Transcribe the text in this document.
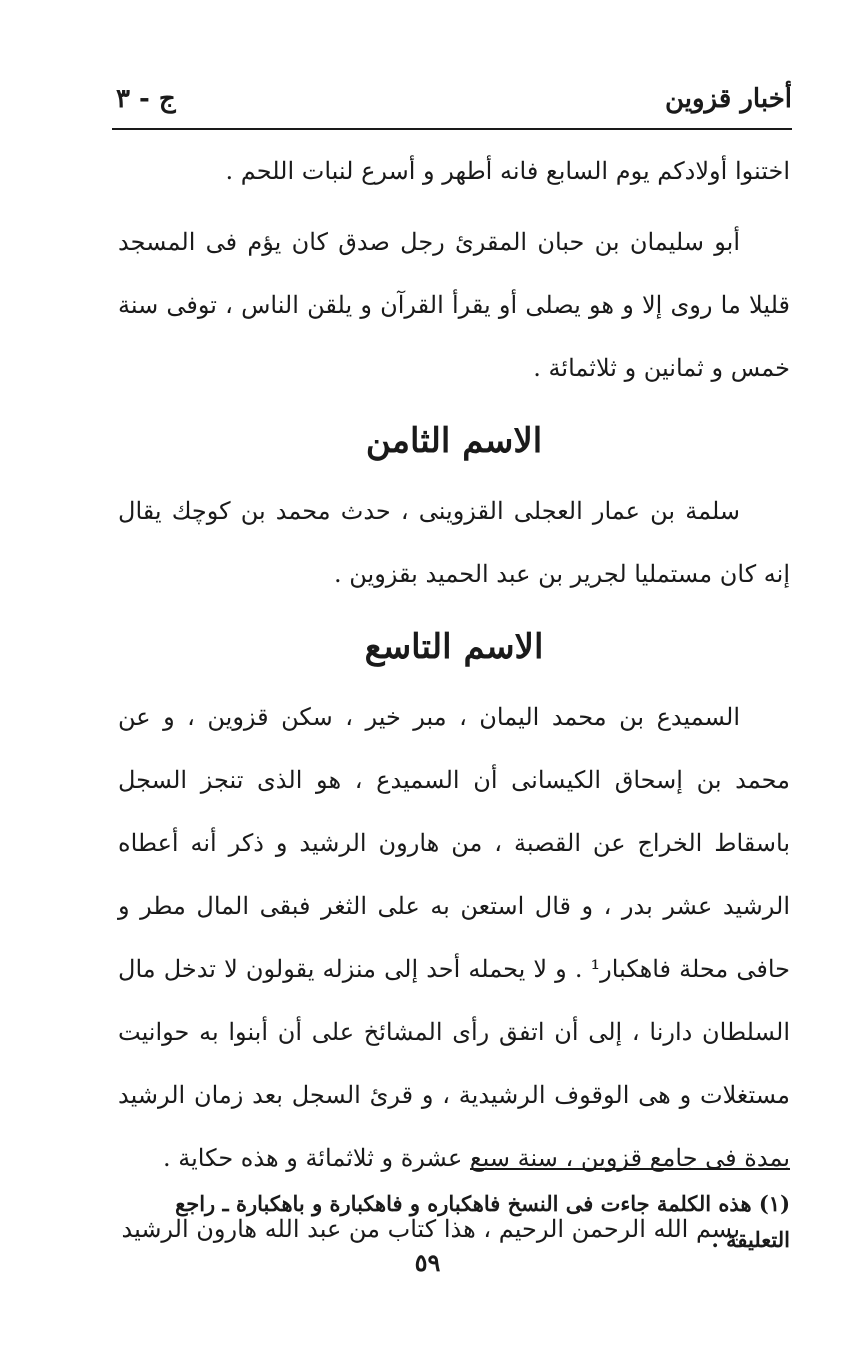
أخبار قزوين
ج - ٣

اختنوا أولادكم يوم السابع فانه أطهر و أسرع لنبات اللحم .

أبو سليمان بن حبان المقرئ رجل صدق كان يؤم فى المسجد قليلا ما روى إلا و هو يصلى أو يقرأ القرآن و يلقن الناس ، توفى سنة خمس و ثمانين و ثلاثمائة .

الاسم الثامن

سلمة بن عمار العجلى القزوينى ، حدث محمد بن كوچك يقال إنه كان مستمليا لجرير بن عبد الحميد بقزوين .

الاسم التاسع

السميدع بن محمد اليمان ، مبر خير ، سكن قزوين ، و عن محمد بن إسحاق الكيسانى أن السميدع ، هو الذى تنجز السجل باسقاط الخراج عن القصبة ، من هارون الرشيد و ذكر أنه أعطاه الرشيد عشر بدر ، و قال استعن به على الثغر فبقى المال مطر و حافى محلة فاهكبار¹ . و لا يحمله أحد إلى منزله يقولون لا تدخل مال السلطان دارنا ، إلى أن اتفق رأى المشائخ على أن أبنوا به حوانيت مستغلات و هى الوقوف الرشيدية ، و قرئ السجل بعد زمان الرشيد بمدة فى جامع قزوين ، سنة سبع عشرة و ثلاثمائة و هذه حكاية .

بسم الله الرحمن الرحيم ، هذا كتاب من عبد الله هارون الرشيد

(١) هذه الكلمة جاءت فى النسخ فاهكباره و فاهكبارة و باهكبارة ـ راجع التعليقة .
٥٩
